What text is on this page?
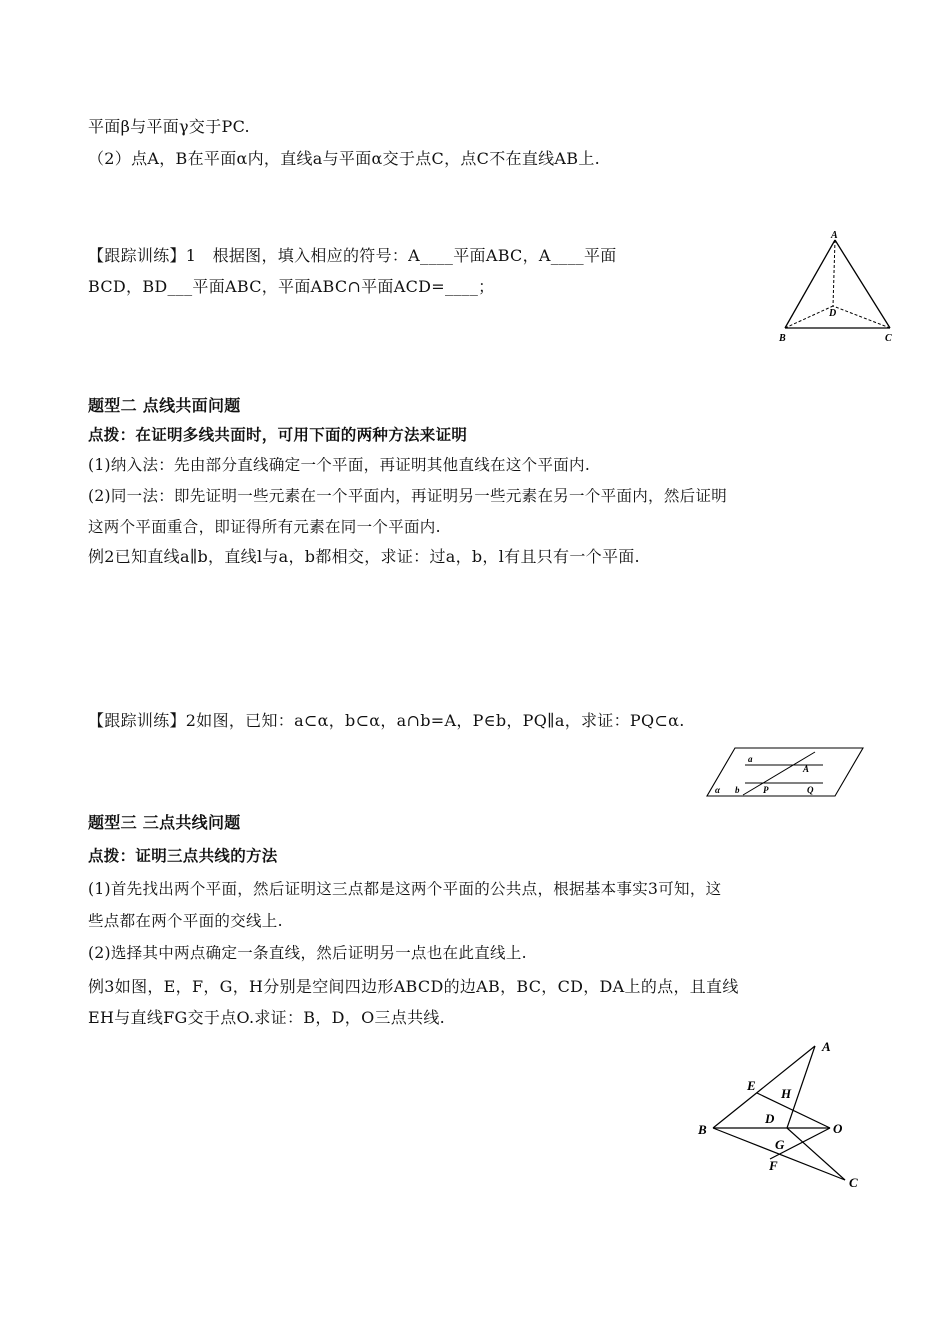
平面β与平面γ交于PC.
（2）点A，B在平面α内，直线a与平面α交于点C，点C不在直线AB上.
【跟踪训练】1　根据图，填入相应的符号：A____平面ABC，A____平面
BCD，BD___平面ABC，平面ABC∩平面ACD=____；
A
B	C
D
题型二 点线共面问题
点拨：在证明多线共面时，可用下面的两种方法来证明
(1)纳入法：先由部分直线确定一个平面，再证明其他直线在这个平面内.
(2)同一法：即先证明一些元素在一个平面内，再证明另一些元素在另一个平面内，然后证明
这两个平面重合，即证得所有元素在同一个平面内.
例2已知直线a∥b，直线l与a，b都相交，求证：过a，b，l有且只有一个平面.
【跟踪训练】2如图，已知：a⊂α，b⊂α，a∩b=A，P∈b，PQ∥a，求证：PQ⊂α.
a
A
α b	P	Q
题型三 三点共线问题
点拨：证明三点共线的方法
(1)首先找出两个平面，然后证明这三点都是这两个平面的公共点，根据基本事实3可知，这
些点都在两个平面的交线上.
(2)选择其中两点确定一条直线，然后证明另一点也在此直线上.
例3如图，E，F，G，H分别是空间四边形ABCD的边AB，BC，CD，DA上的点，且直线
EH与直线FG交于点O.求证：B，D，O三点共线.
A
E
H
D
O
B
G
F
C
